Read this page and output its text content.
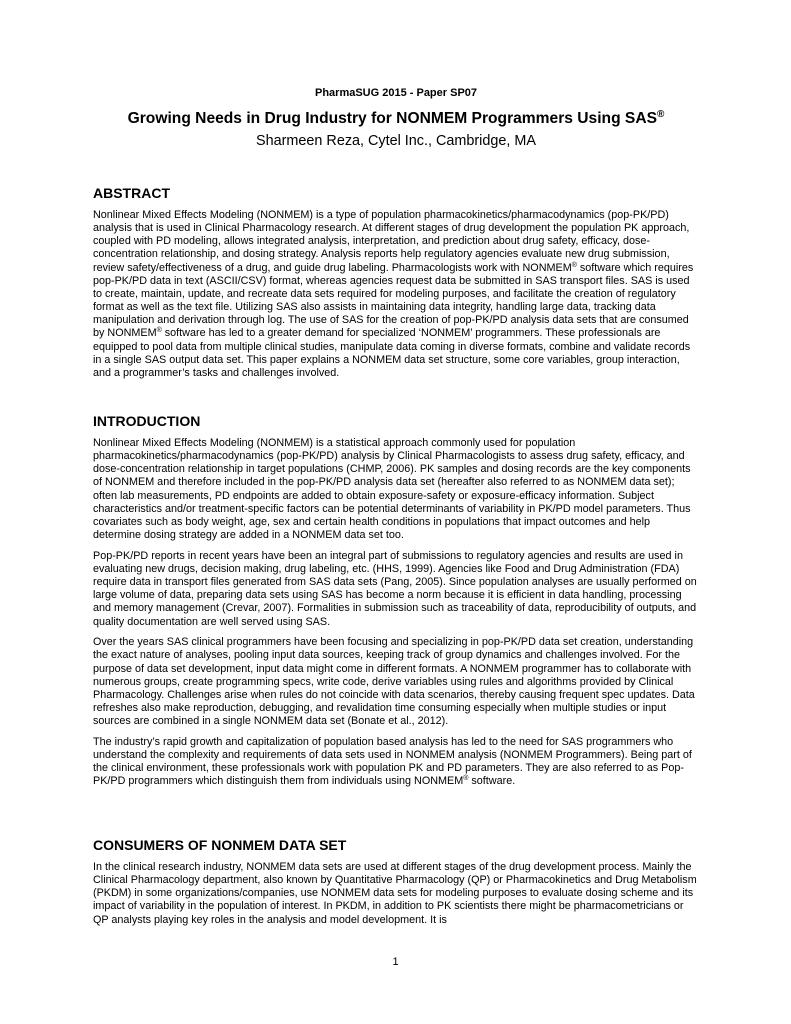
PharmaSUG 2015 - Paper SP07
Growing Needs in Drug Industry for NONMEM Programmers Using SAS®
Sharmeen Reza, Cytel Inc., Cambridge, MA
ABSTRACT

Nonlinear Mixed Effects Modeling (NONMEM) is a type of population pharmacokinetics/pharmacodynamics (pop-PK/PD) analysis that is used in Clinical Pharmacology research. At different stages of drug development the population PK approach, coupled with PD modeling, allows integrated analysis, interpretation, and prediction about drug safety, efficacy, dose-concentration relationship, and dosing strategy. Analysis reports help regulatory agencies evaluate new drug submission, review safety/effectiveness of a drug, and guide drug labeling. Pharmacologists work with NONMEM® software which requires pop-PK/PD data in text (ASCII/CSV) format, whereas agencies request data be submitted in SAS transport files. SAS is used to create, maintain, update, and recreate data sets required for modeling purposes, and facilitate the creation of regulatory format as well as the text file. Utilizing SAS also assists in maintaining data integrity, handling large data, tracking data manipulation and derivation through log. The use of SAS for the creation of pop-PK/PD analysis data sets that are consumed by NONMEM® software has led to a greater demand for specialized ‘NONMEM’ programmers. These professionals are equipped to pool data from multiple clinical studies, manipulate data coming in diverse formats, combine and validate records in a single SAS output data set. This paper explains a NONMEM data set structure, some core variables, group interaction, and a programmer’s tasks and challenges involved.

INTRODUCTION

Nonlinear Mixed Effects Modeling (NONMEM) is a statistical approach commonly used for population pharmacokinetics/pharmacodynamics (pop-PK/PD) analysis by Clinical Pharmacologists to assess drug safety, efficacy, and dose-concentration relationship in target populations (CHMP, 2006). PK samples and dosing records are the key components of NONMEM and therefore included in the pop-PK/PD analysis data set (hereafter also referred to as NONMEM data set); often lab measurements, PD endpoints are added to obtain exposure-safety or exposure-efficacy information. Subject characteristics and/or treatment-specific factors can be potential determinants of variability in PK/PD model parameters. Thus covariates such as body weight, age, sex and certain health conditions in populations that impact outcomes and help determine dosing strategy are added in a NONMEM data set too.

Pop-PK/PD reports in recent years have been an integral part of submissions to regulatory agencies and results are used in evaluating new drugs, decision making, drug labeling, etc. (HHS, 1999). Agencies like Food and Drug Administration (FDA) require data in transport files generated from SAS data sets (Pang, 2005). Since population analyses are usually performed on large volume of data, preparing data sets using SAS has become a norm because it is efficient in data handling, processing and memory management (Crevar, 2007). Formalities in submission such as traceability of data, reproducibility of outputs, and quality documentation are well served using SAS.

Over the years SAS clinical programmers have been focusing and specializing in pop-PK/PD data set creation, understanding the exact nature of analyses, pooling input data sources, keeping track of group dynamics and challenges involved. For the purpose of data set development, input data might come in different formats. A NONMEM programmer has to collaborate with numerous groups, create programming specs, write code, derive variables using rules and algorithms provided by Clinical Pharmacology. Challenges arise when rules do not coincide with data scenarios, thereby causing frequent spec updates. Data refreshes also make reproduction, debugging, and revalidation time consuming especially when multiple studies or input sources are combined in a single NONMEM data set (Bonate et al., 2012).

The industry’s rapid growth and capitalization of population based analysis has led to the need for SAS programmers who understand the complexity and requirements of data sets used in NONMEM analysis (NONMEM Programmers). Being part of the clinical environment, these professionals work with population PK and PD parameters. They are also referred to as Pop-PK/PD programmers which distinguish them from individuals using NONMEM® software.

CONSUMERS OF NONMEM DATA SET

In the clinical research industry, NONMEM data sets are used at different stages of the drug development process. Mainly the Clinical Pharmacology department, also known by Quantitative Pharmacology (QP) or Pharmacokinetics and Drug Metabolism (PKDM) in some organizations/companies, use NONMEM data sets for modeling purposes to evaluate dosing scheme and its impact of variability in the population of interest. In PKDM, in addition to PK scientists there might be pharmacometricians or QP analysts playing key roles in the analysis and model development. It is

1
